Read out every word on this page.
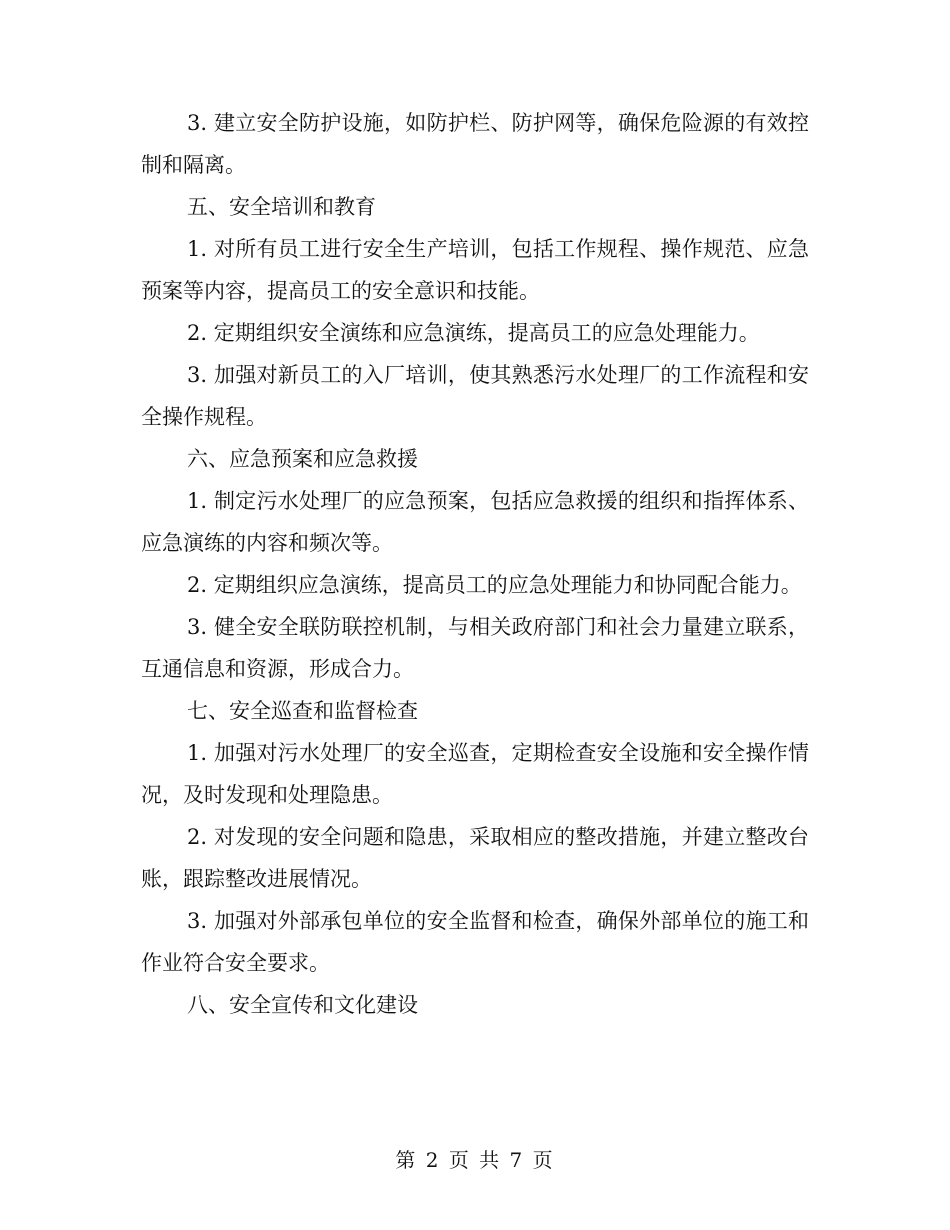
3. 建立安全防护设施，如防护栏、防护网等，确保危险源的有效控制和隔离。

五、安全培训和教育

1. 对所有员工进行安全生产培训，包括工作规程、操作规范、应急预案等内容，提高员工的安全意识和技能。

2. 定期组织安全演练和应急演练，提高员工的应急处理能力。

3. 加强对新员工的入厂培训，使其熟悉污水处理厂的工作流程和安全操作规程。

六、应急预案和应急救援

1. 制定污水处理厂的应急预案，包括应急救援的组织和指挥体系、应急演练的内容和频次等。

2. 定期组织应急演练，提高员工的应急处理能力和协同配合能力。

3. 健全安全联防联控机制，与相关政府部门和社会力量建立联系，互通信息和资源，形成合力。

七、安全巡查和监督检查

1. 加强对污水处理厂的安全巡查，定期检查安全设施和安全操作情况，及时发现和处理隐患。

2. 对发现的安全问题和隐患，采取相应的整改措施，并建立整改台账，跟踪整改进展情况。

3. 加强对外部承包单位的安全监督和检查，确保外部单位的施工和作业符合安全要求。

八、安全宣传和文化建设

第 2 页 共 7 页
